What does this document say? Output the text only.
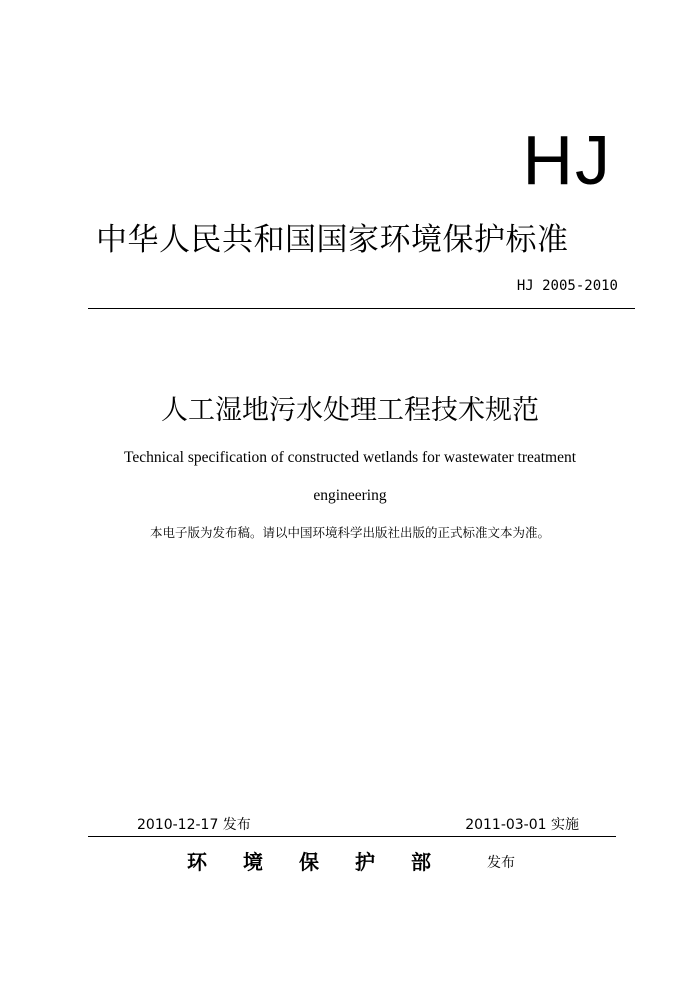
HJ
中华人民共和国国家环境保护标准
HJ 2005-2010
人工湿地污水处理工程技术规范
Technical specification of constructed wetlands for wastewater treatment
engineering
本电子版为发布稿。请以中国环境科学出版社出版的正式标准文本为准。
2010-12-17 发布	2011-03-01 实施
环境保护部 发布
